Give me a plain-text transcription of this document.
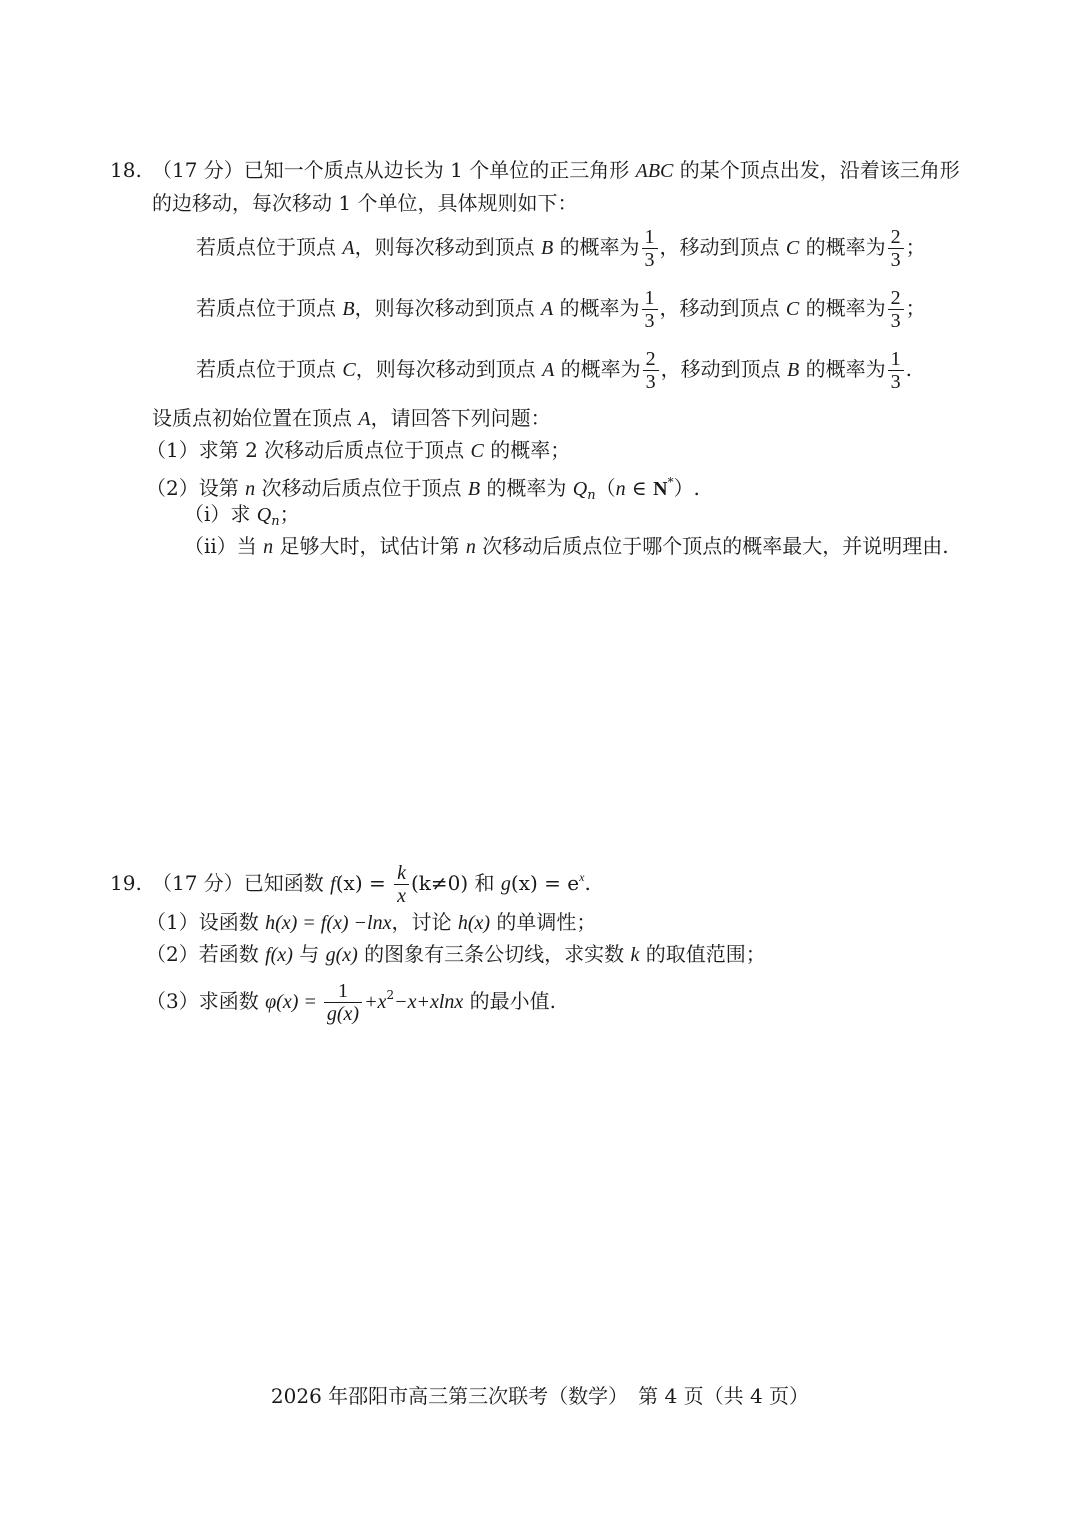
18. （17 分）已知一个质点从边长为 1 个单位的正三角形 ABC 的某个顶点出发，沿着该三角形
的边移动，每次移动 1 个单位，具体规则如下：
若质点位于顶点 A，则每次移动到顶点 B 的概率为 $\frac{1}{3}$ ，移动到顶点 C 的概率为 $\frac{2}{3}$ ；
若质点位于顶点 B，则每次移动到顶点 A 的概率为 $\frac{1}{3}$ ，移动到顶点 C 的概率为 $\frac{2}{3}$ ；
若质点位于顶点 C，则每次移动到顶点 A 的概率为 $\frac{2}{3}$ ，移动到顶点 B 的概率为 $\frac{1}{3}$ .
设质点初始位置在顶点 A，请回答下列问题：
（1）求第 2 次移动后质点位于顶点 C 的概率；
（2）设第 n 次移动后质点位于顶点 B 的概率为 $Q_n(n$ ∈ N*）.
（ⅰ）求 $Q_n$；
（ⅱ）当 n 足够大时，试估计第 n 次移动后质点位于哪个顶点的概率最大，并说明理由.
19. （17 分）已知函数 $f(x) = \frac{k}{x} (k\ne 0)$ 和 $g(x) = e^x$.
（1）设函数 h(x) = f(x) −lnx，讨论 h(x) 的单调性；
（2）若函数 f(x) 与 g(x) 的图象有三条公切线，求实数 k 的取值范围；
（3）求函数 $\varphi(x) = \frac{1}{g(x)} +x^2-x+xlnx$ 的最小值.
2026 年邵阳市高三第三次联考（数学）　第 4 页（共 4 页）
